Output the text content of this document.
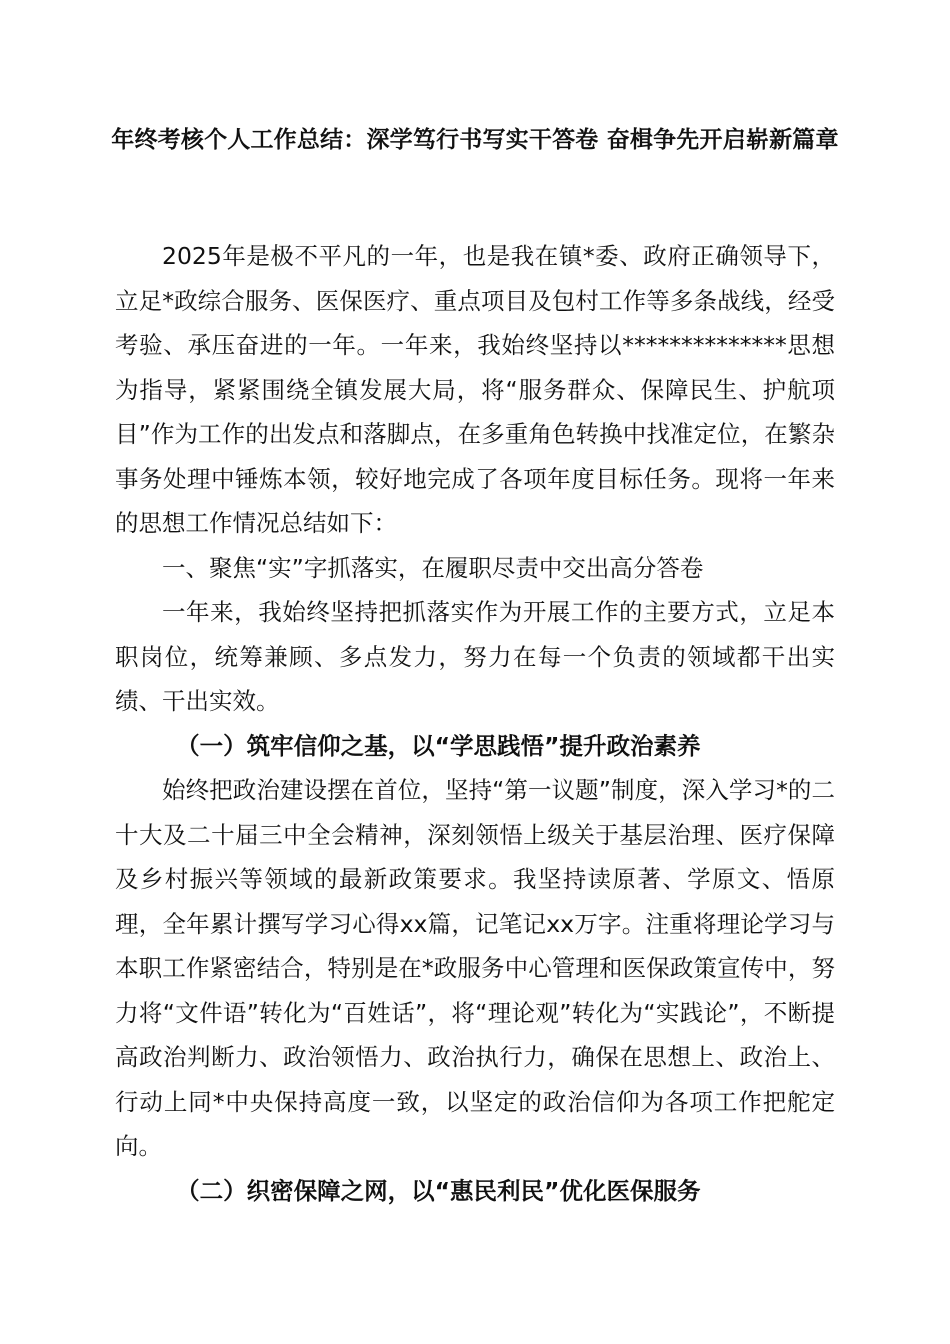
年终考核个人工作总结：深学笃行书写实干答卷 奋楫争先开启崭新篇章

2025年是极不平凡的一年，也是我在镇*委、政府正确领导下，立足*政综合服务、医保医疗、重点项目及包村工作等多条战线，经受考验、承压奋进的一年。一年来，我始终坚持以**************思想为指导，紧紧围绕全镇发展大局，将“服务群众、保障民生、护航项目”作为工作的出发点和落脚点，在多重角色转换中找准定位，在繁杂事务处理中锤炼本领，较好地完成了各项年度目标任务。现将一年来的思想工作情况总结如下：

一、聚焦“实”字抓落实，在履职尽责中交出高分答卷

一年来，我始终坚持把抓落实作为开展工作的主要方式，立足本职岗位，统筹兼顾、多点发力，努力在每一个负责的领域都干出实绩、干出实效。

（一）筑牢信仰之基，以“学思践悟”提升政治素养

始终把政治建设摆在首位，坚持“第一议题”制度，深入学习*的二十大及二十届三中全会精神，深刻领悟上级关于基层治理、医疗保障及乡村振兴等领域的最新政策要求。我坚持读原著、学原文、悟原理，全年累计撰写学习心得xx篇，记笔记xx万字。注重将理论学习与本职工作紧密结合，特别是在*政服务中心管理和医保政策宣传中，努力将“文件语”转化为“百姓话”，将“理论观”转化为“实践论”，不断提高政治判断力、政治领悟力、政治执行力，确保在思想上、政治上、行动上同*中央保持高度一致，以坚定的政治信仰为各项工作把舵定向。

（二）织密保障之网，以“惠民利民”优化医保服务
